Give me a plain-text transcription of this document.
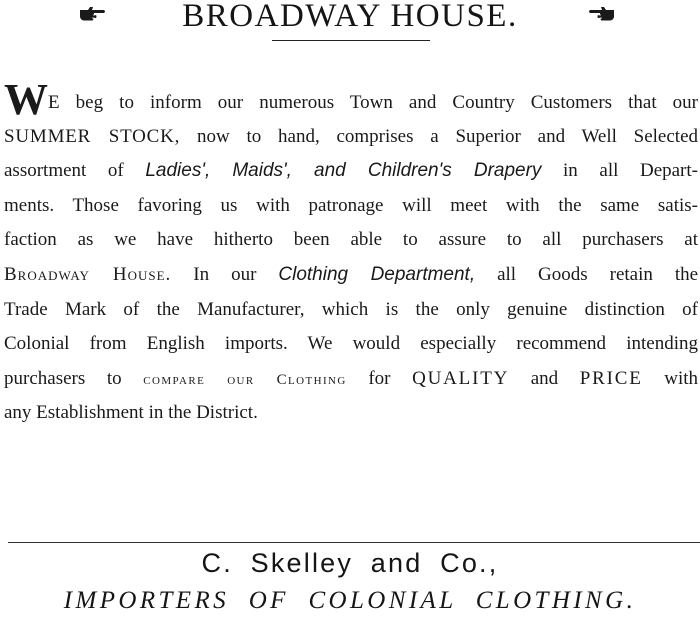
BROADWAY HOUSE.
WE beg to inform our numerous Town and Country Customers that our
SUMMER STOCK, now to hand, comprises a Superior and Well Selected
assortment of Ladies', Maids', and Children's Drapery in all Depart-
ments. Those favoring us with patronage will meet with the same satis-
faction as we have hitherto been able to assure to all purchasers at
Broadway House. In our Clothing Department, all Goods retain the
Trade Mark of the Manufacturer, which is the only genuine distinction of
Colonial from English imports. We would especially recommend intending
purchasers to compare our Clothing for QUALITY and PRICE with
any Establishment in the District.
C. Skelley and Co.,
IMPORTERS OF COLONIAL CLOTHING.
